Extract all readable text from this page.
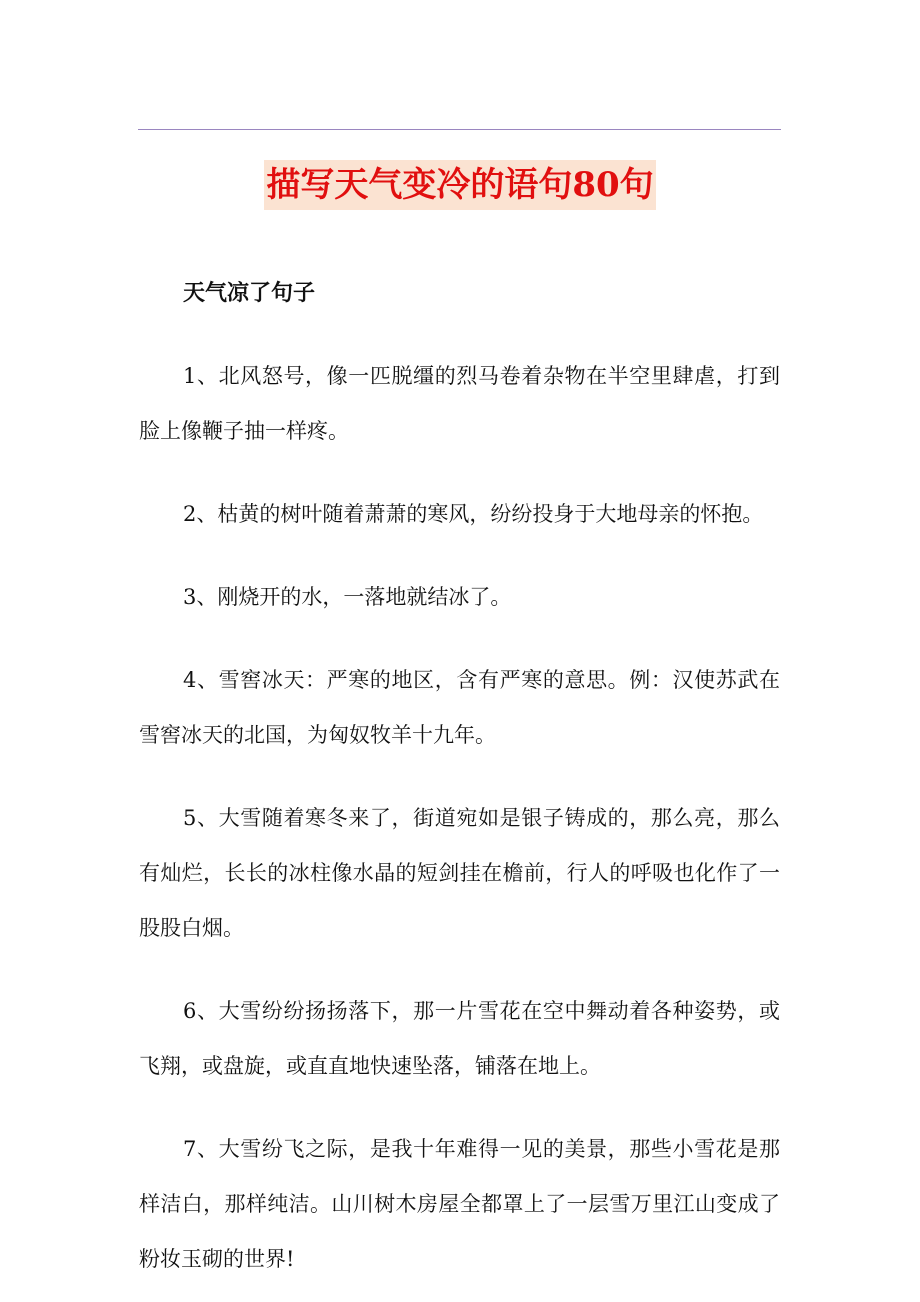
描写天气变冷的语句80句

天气凉了句子

1、北风怒号，像一匹脱缰的烈马卷着杂物在半空里肆虐，打到脸上像鞭子抽一样疼。

2、枯黄的树叶随着萧萧的寒风，纷纷投身于大地母亲的怀抱。

3、刚烧开的水，一落地就结冰了。

4、雪窖冰天：严寒的地区，含有严寒的意思。例：汉使苏武在雪窖冰天的北国，为匈奴牧羊十九年。

5、大雪随着寒冬来了，街道宛如是银子铸成的，那么亮，那么有灿烂，长长的冰柱像水晶的短剑挂在檐前，行人的呼吸也化作了一股股白烟。

6、大雪纷纷扬扬落下，那一片雪花在空中舞动着各种姿势，或飞翔，或盘旋，或直直地快速坠落，铺落在地上。

7、大雪纷飞之际，是我十年难得一见的美景，那些小雪花是那样洁白，那样纯洁。山川树木房屋全都罩上了一层雪万里江山变成了粉妆玉砌的世界!
